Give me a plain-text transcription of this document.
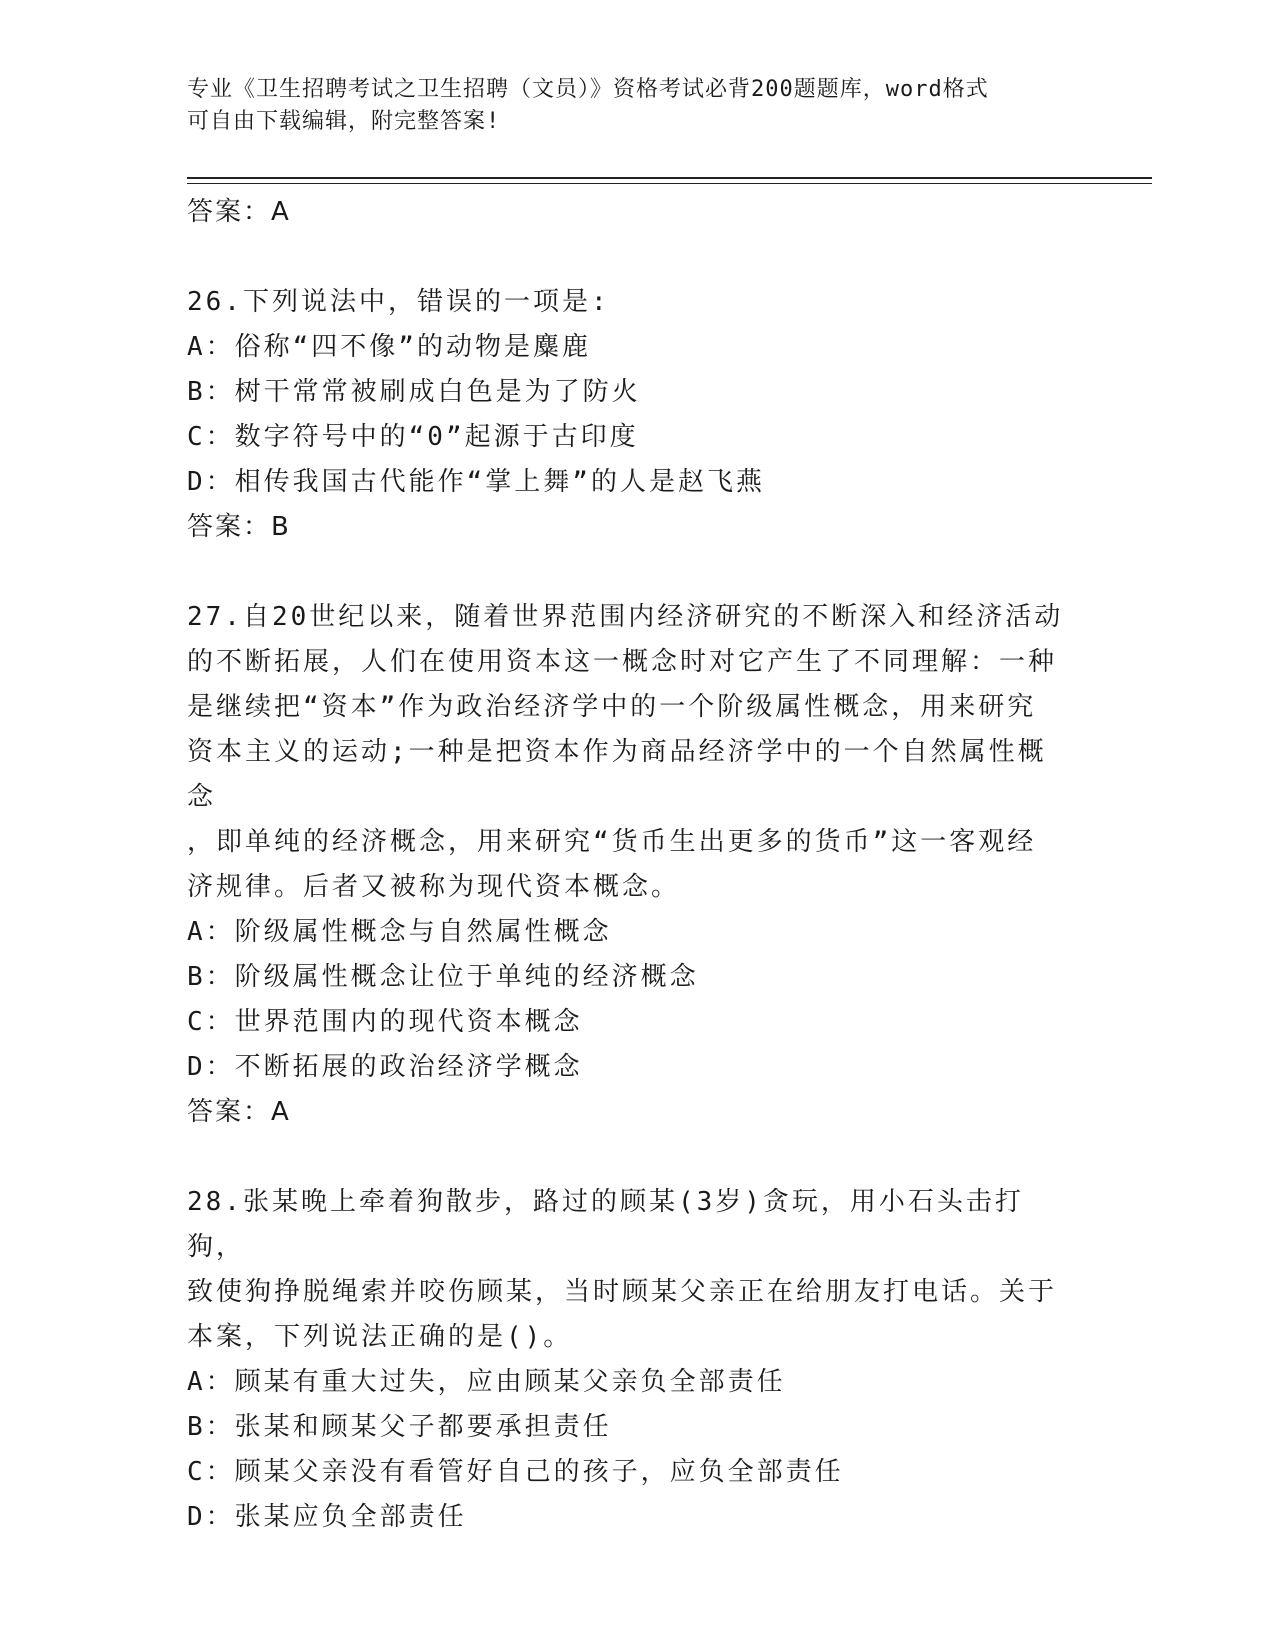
专业《卫生招聘考试之卫生招聘（文员）》资格考试必背200题题库，word格式

可自由下载编辑，附完整答案!

答案：A

26.下列说法中，错误的一项是:

A：俗称“四不像”的动物是麋鹿

B：树干常常被刷成白色是为了防火

C：数字符号中的“0”起源于古印度

D：相传我国古代能作“掌上舞”的人是赵飞燕

答案：B

27.自20世纪以来，随着世界范围内经济研究的不断深入和经济活动

的不断拓展，人们在使用资本这一概念时对它产生了不同理解：一种

是继续把“资本”作为政治经济学中的一个阶级属性概念，用来研究

资本主义的运动;一种是把资本作为商品经济学中的一个自然属性概念

，即单纯的经济概念，用来研究“货币生出更多的货币”这一客观经

济规律。后者又被称为现代资本概念。

A：阶级属性概念与自然属性概念

B：阶级属性概念让位于单纯的经济概念

C：世界范围内的现代资本概念

D：不断拓展的政治经济学概念

答案：A

28.张某晚上牵着狗散步，路过的顾某(3岁)贪玩，用小石头击打狗，

致使狗挣脱绳索并咬伤顾某，当时顾某父亲正在给朋友打电话。关于

本案，下列说法正确的是()。

A：顾某有重大过失，应由顾某父亲负全部责任

B：张某和顾某父子都要承担责任

C：顾某父亲没有看管好自己的孩子，应负全部责任

D：张某应负全部责任
